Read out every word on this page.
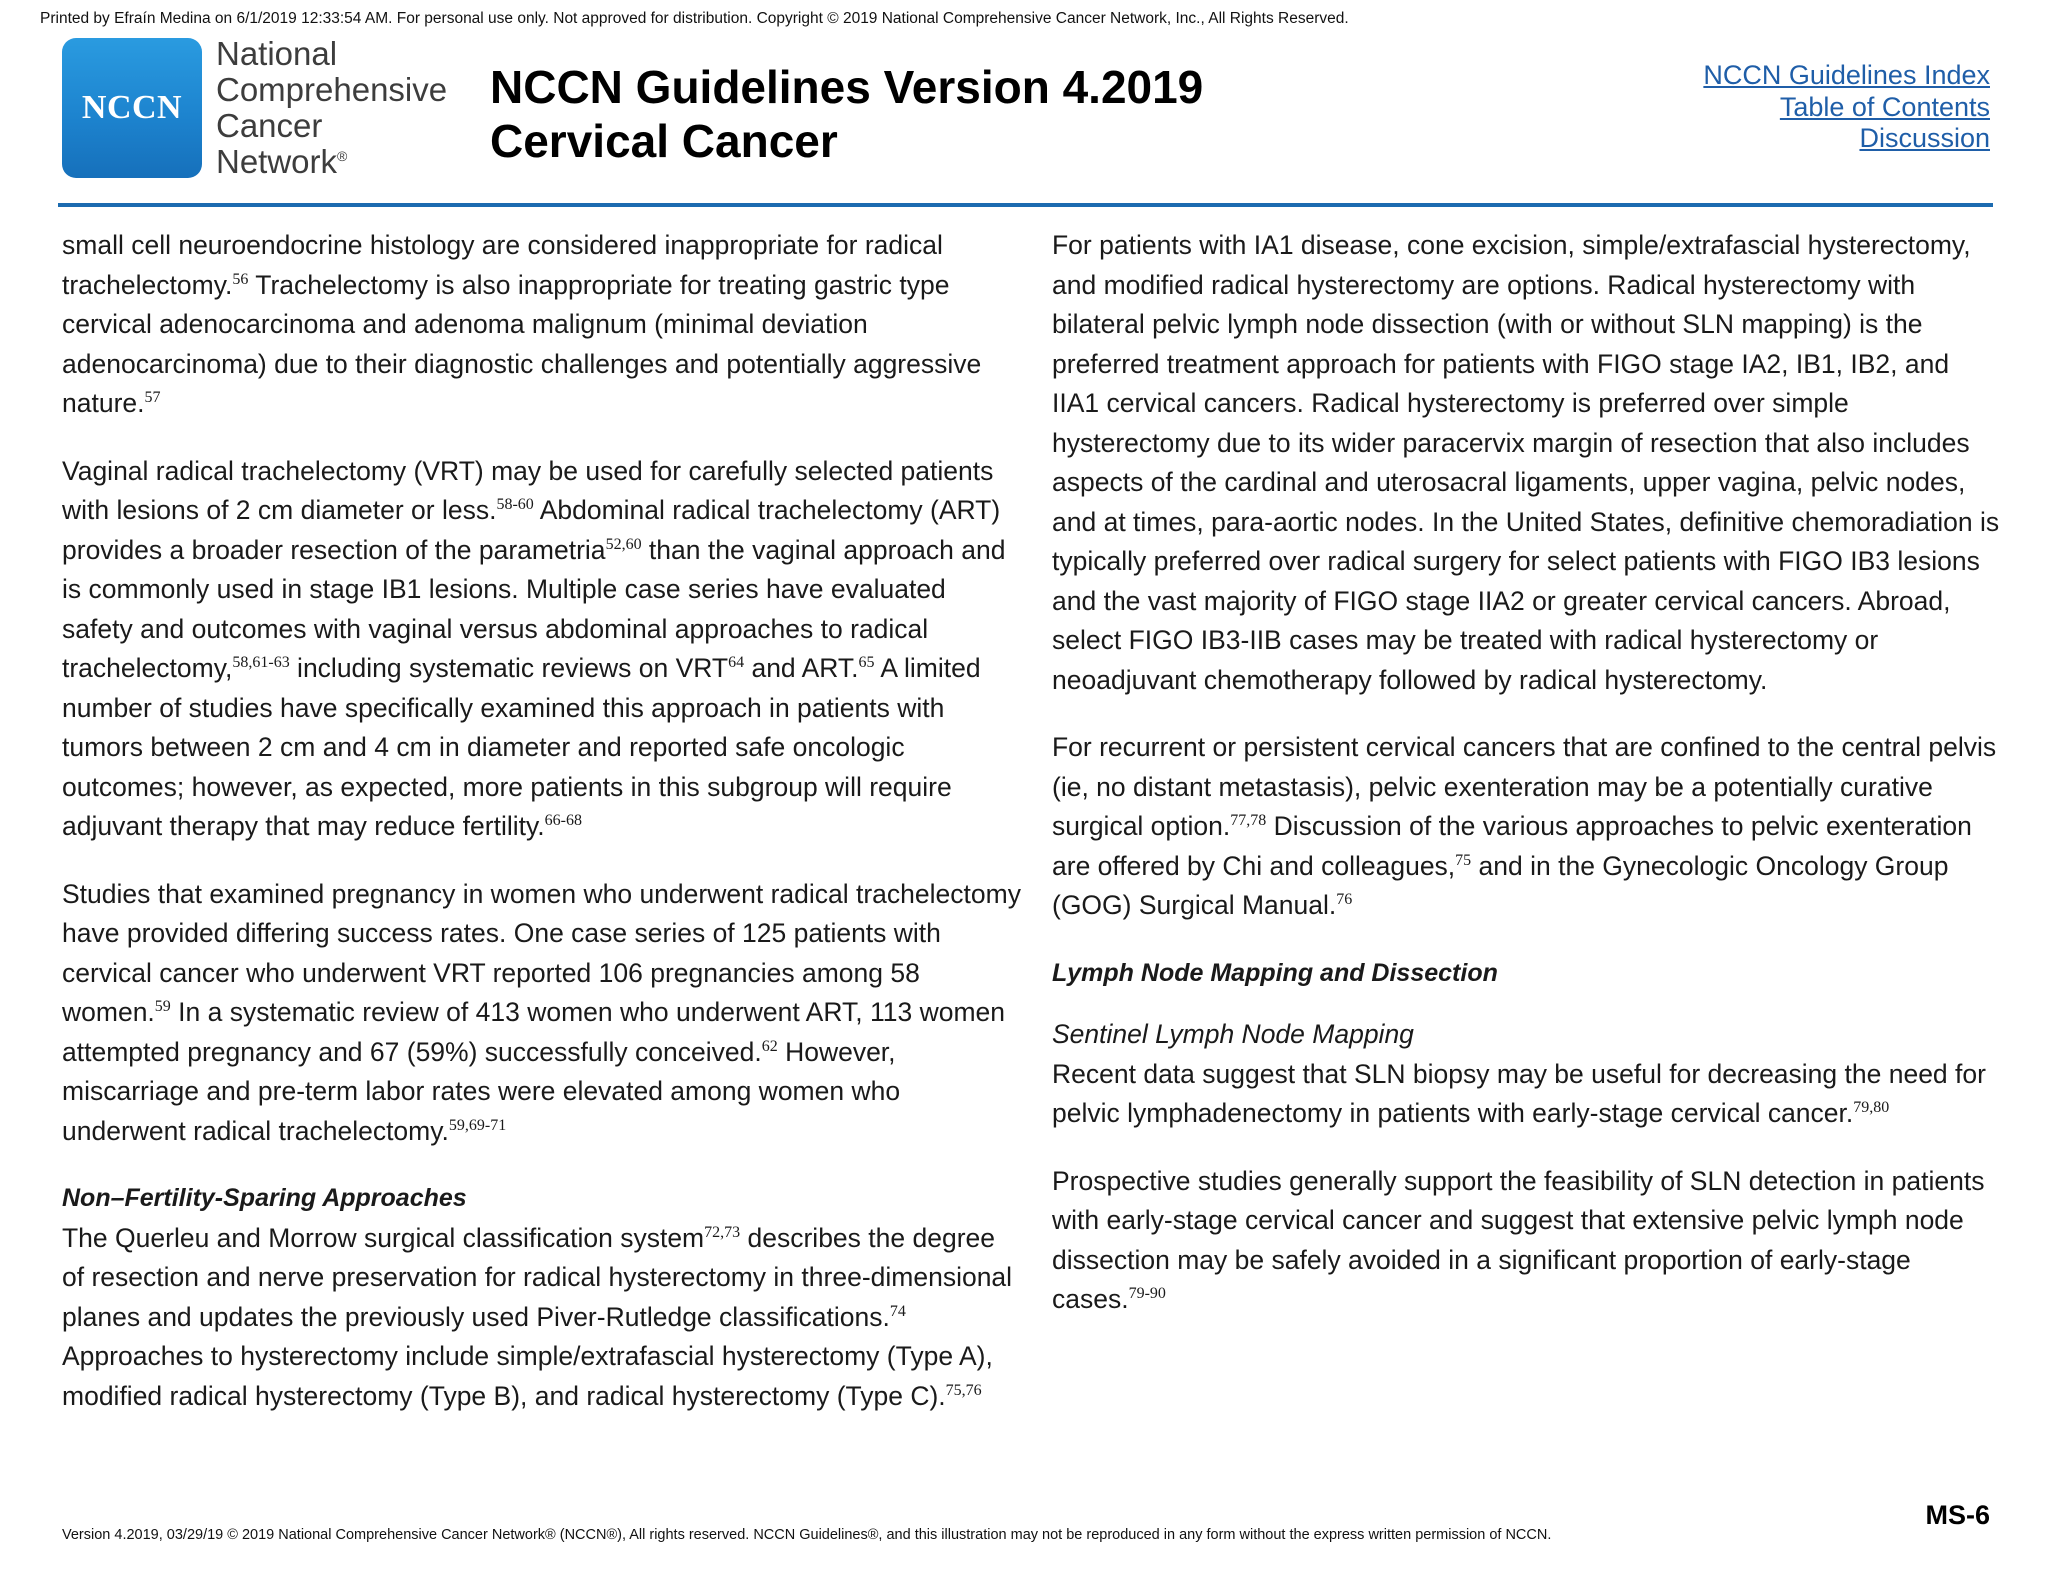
Printed by Efraín Medina on 6/1/2019 12:33:54 AM. For personal use only. Not approved for distribution. Copyright © 2019 National Comprehensive Cancer Network, Inc., All Rights Reserved.
NCCN
National
Comprehensive
Cancer
Network®
NCCN Guidelines Version 4.2019
Cervical Cancer
NCCN Guidelines Index
Table of Contents
Discussion

small cell neuroendocrine histology are considered inappropriate for radical trachelectomy.$^{56}$ Trachelectomy is also inappropriate for treating gastric type cervical adenocarcinoma and adenoma malignum (minimal deviation adenocarcinoma) due to their diagnostic challenges and potentially aggressive nature.$^{57}$

Vaginal radical trachelectomy (VRT) may be used for carefully selected patients with lesions of 2 cm diameter or less.$^{58-60}$ Abdominal radical trachelectomy (ART) provides a broader resection of the parametria$^{52,60}$ than the vaginal approach and is commonly used in stage IB1 lesions. Multiple case series have evaluated safety and outcomes with vaginal versus abdominal approaches to radical trachelectomy,$^{58,61-63}$ including systematic reviews on VRT$^{64}$ and ART.$^{65}$ A limited number of studies have specifically examined this approach in patients with tumors between 2 cm and 4 cm in diameter and reported safe oncologic outcomes; however, as expected, more patients in this subgroup will require adjuvant therapy that may reduce fertility.$^{66-68}$

Studies that examined pregnancy in women who underwent radical trachelectomy have provided differing success rates. One case series of 125 patients with cervical cancer who underwent VRT reported 106 pregnancies among 58 women.$^{59}$ In a systematic review of 413 women who underwent ART, 113 women attempted pregnancy and 67 (59%) successfully conceived.$^{62}$ However, miscarriage and pre-term labor rates were elevated among women who underwent radical trachelectomy.$^{59,69-71}$

Non–Fertility-Sparing Approaches

The Querleu and Morrow surgical classification system$^{72,73}$ describes the degree of resection and nerve preservation for radical hysterectomy in three-dimensional planes and updates the previously used Piver-Rutledge classifications.$^{74}$ Approaches to hysterectomy include simple/extrafascial hysterectomy (Type A), modified radical hysterectomy (Type B), and radical hysterectomy (Type C).$^{75,76}$

For patients with IA1 disease, cone excision, simple/extrafascial hysterectomy, and modified radical hysterectomy are options. Radical hysterectomy with bilateral pelvic lymph node dissection (with or without SLN mapping) is the preferred treatment approach for patients with FIGO stage IA2, IB1, IB2, and IIA1 cervical cancers. Radical hysterectomy is preferred over simple hysterectomy due to its wider paracervix margin of resection that also includes aspects of the cardinal and uterosacral ligaments, upper vagina, pelvic nodes, and at times, para-aortic nodes. In the United States, definitive chemoradiation is typically preferred over radical surgery for select patients with FIGO IB3 lesions and the vast majority of FIGO stage IIA2 or greater cervical cancers. Abroad, select FIGO IB3-IIB cases may be treated with radical hysterectomy or neoadjuvant chemotherapy followed by radical hysterectomy.

For recurrent or persistent cervical cancers that are confined to the central pelvis (ie, no distant metastasis), pelvic exenteration may be a potentially curative surgical option.$^{77,78}$ Discussion of the various approaches to pelvic exenteration are offered by Chi and colleagues,$^{75}$ and in the Gynecologic Oncology Group (GOG) Surgical Manual.$^{76}$

Lymph Node Mapping and Dissection
Sentinel Lymph Node Mapping

Recent data suggest that SLN biopsy may be useful for decreasing the need for pelvic lymphadenectomy in patients with early-stage cervical cancer.$^{79,80}$

Prospective studies generally support the feasibility of SLN detection in patients with early-stage cervical cancer and suggest that extensive pelvic lymph node dissection may be safely avoided in a significant proportion of early-stage cases.$^{79-90}$

Version 4.2019, 03/29/19 © 2019 National Comprehensive Cancer Network® (NCCN®), All rights reserved. NCCN Guidelines®, and this illustration may not be reproduced in any form without the express written permission of NCCN.
MS-6
